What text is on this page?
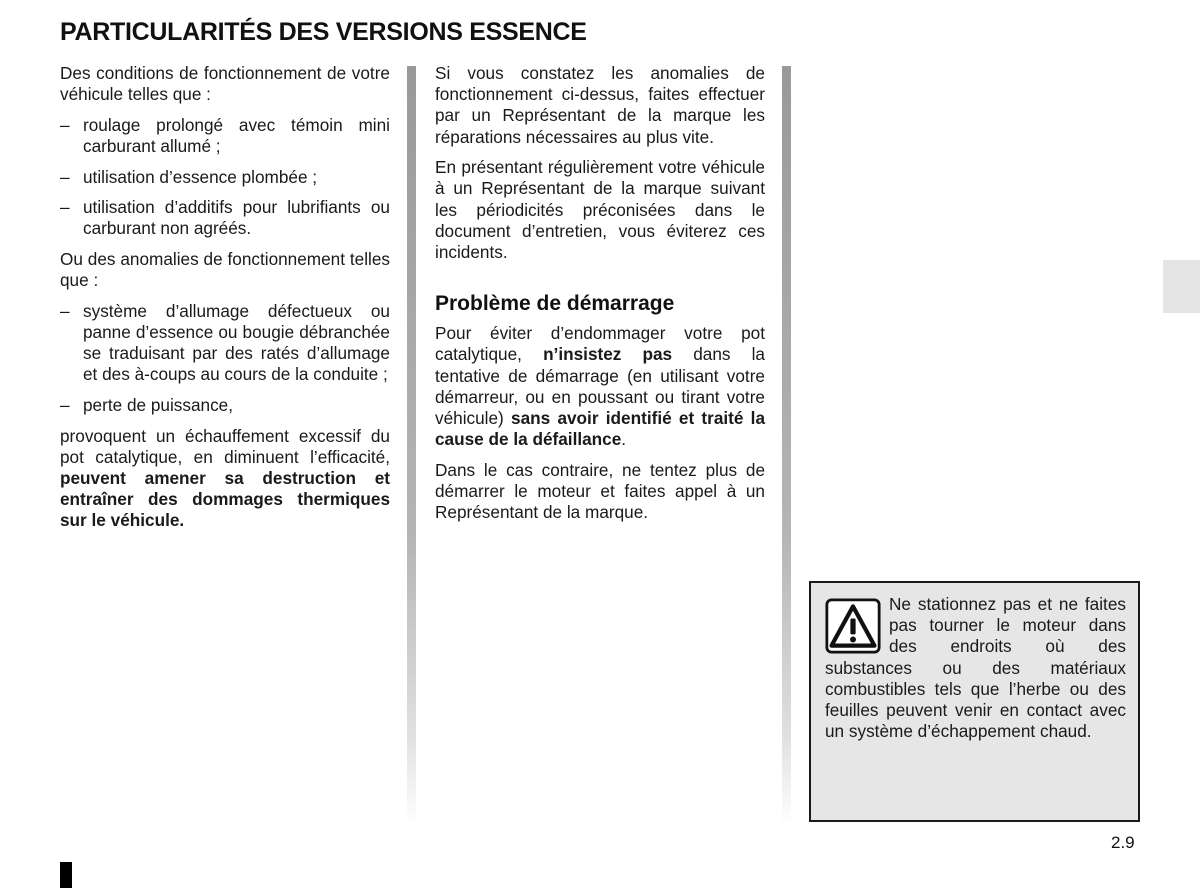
PARTICULARITÉS DES VERSIONS ESSENCE

Des conditions de fonctionnement de votre véhicule telles que :

– roulage prolongé avec témoin mini carburant allumé ;
– utilisation d’essence plombée ;
– utilisation d’additifs pour lubrifiants ou carburant non agréés.

Ou des anomalies de fonctionnement telles que :

– système d’allumage défectueux ou panne d’essence ou bougie débranchée se traduisant par des ratés d’allumage et des à-coups au cours de la conduite ;
– perte de puissance,

provoquent un échauffement excessif du pot catalytique, en diminuent l’efficacité, peuvent amener sa destruction et entraîner des dommages thermiques sur le véhicule.

Si vous constatez les anomalies de fonctionnement ci-dessus, faites effectuer par un Représentant de la marque les réparations nécessaires au plus vite.

En présentant régulièrement votre véhicule à un Représentant de la marque suivant les périodicités préconisées dans le document d’entretien, vous éviterez ces incidents.

Problème de démarrage

Pour éviter d’endommager votre pot catalytique, n’insistez pas dans la tentative de démarrage (en utilisant votre démarreur, ou en poussant ou tirant votre véhicule) sans avoir identifié et traité la cause de la défaillance.

Dans le cas contraire, ne tentez plus de démarrer le moteur et faites appel à un Représentant de la marque.

Ne stationnez pas et ne faites pas tourner le moteur dans des endroits où des substances ou des matériaux combustibles tels que l’herbe ou des feuilles peuvent venir en contact avec un système d’échappement chaud.

2.9
